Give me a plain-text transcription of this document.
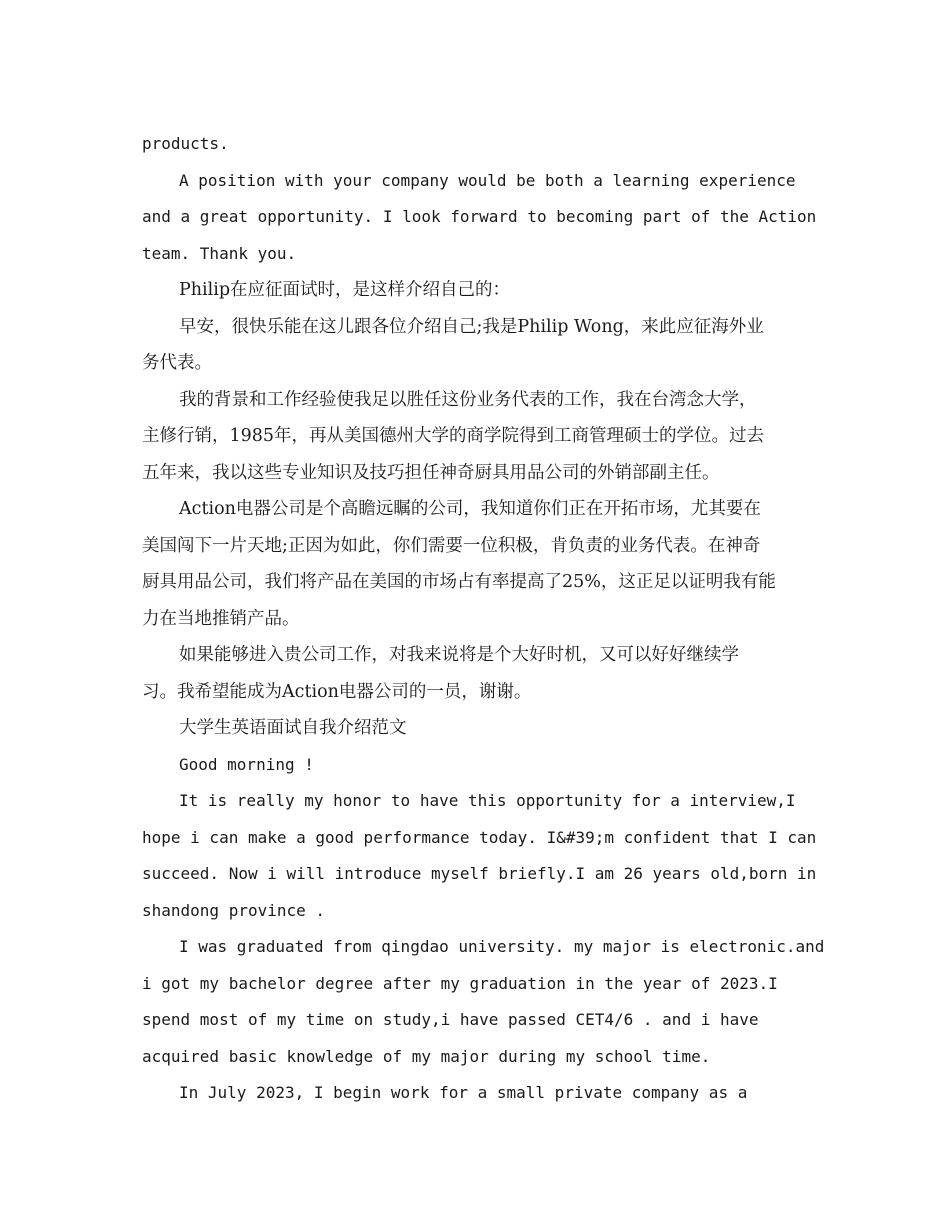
products.
A position with your company would be both a learning experience
and a great opportunity. I look forward to becoming part of the Action
team. Thank you.
Philip在应征面试时，是这样介绍自己的：
早安，很快乐能在这儿跟各位介绍自己;我是Philip Wong，来此应征海外业
务代表。
我的背景和工作经验使我足以胜任这份业务代表的工作，我在台湾念大学，
主修行销，1985年，再从美国德州大学的商学院得到工商管理硕士的学位。过去
五年来，我以这些专业知识及技巧担任神奇厨具用品公司的外销部副主任。
Action电器公司是个高瞻远瞩的公司，我知道你们正在开拓市场，尤其要在
美国闯下一片天地;正因为如此，你们需要一位积极，肯负责的业务代表。在神奇
厨具用品公司，我们将产品在美国的市场占有率提高了25%，这正足以证明我有能
力在当地推销产品。
如果能够进入贵公司工作，对我来说将是个大好时机，又可以好好继续学
习。我希望能成为Action电器公司的一员，谢谢。
大学生英语面试自我介绍范文
Good morning !
It is really my honor to have this opportunity for a interview,I
hope i can make a good performance today. I&#39;m confident that I can
succeed. Now i will introduce myself briefly.I am 26 years old,born in
shandong province .
I was graduated from qingdao university. my major is electronic.and
i got my bachelor degree after my graduation in the year of 2023.I
spend most of my time on study,i have passed CET4/6 . and i have
acquired basic knowledge of my major during my school time.
In July 2023, I begin work for a small private company as a
